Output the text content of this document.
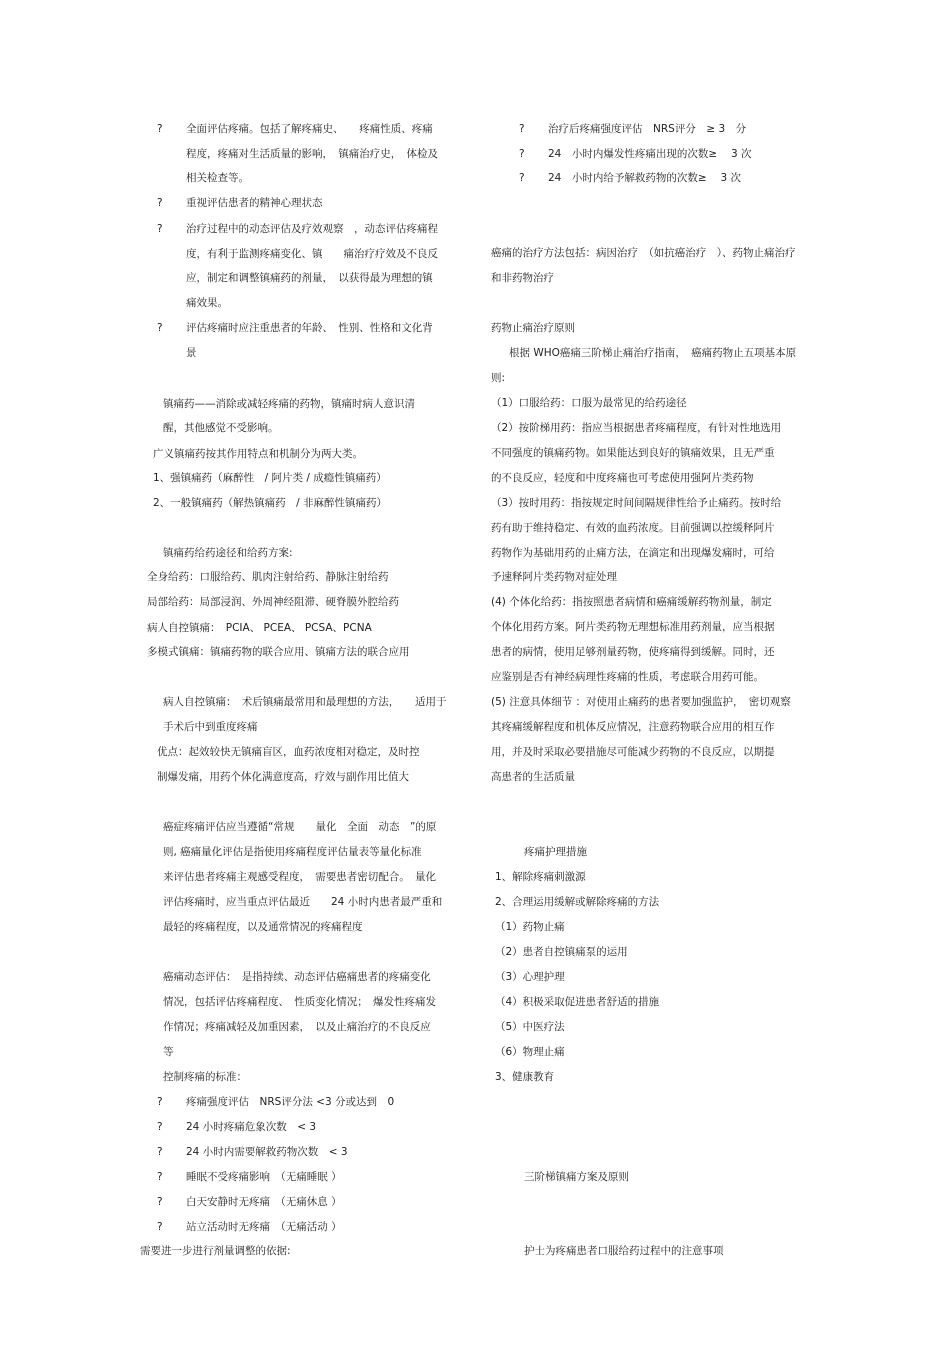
? 全面评估疼痛。包括了解疼痛史、　　疼痛性质、疼痛
程度，疼痛对生活质量的影响，　镇痛治疗史，　体检及
相关检查等。
? 重视评估患者的精神心理状态
? 治疗过程中的动态评估及疗效观察　，动态评估疼痛程
度，有利于监测疼痛变化、镇　　痛治疗疗效及不良反
应，制定和调整镇痛药的剂量，　以获得最为理想的镇
痛效果。
? 评估疼痛时应注重患者的年龄、　性别、性格和文化背
景
镇痛药——消除或减轻疼痛的药物，镇痛时病人意识清
醒，其他感觉不受影响。
广义镇痛药按其作用特点和机制分为两大类。
1、强镇痛药（麻醉性　/ 阿片类 / 成瘾性镇痛药）
2、一般镇痛药（解热镇痛药　/ 非麻醉性镇痛药）
镇痛药给药途径和给药方案:
全身给药：口服给药、肌肉注射给药、静脉注射给药
局部给药：局部浸润、外周神经阻滞、硬脊膜外腔给药
病人自控镇痛：　PCIA、 PCEA、 PCSA、PCNA
多模式镇痛：镇痛药物的联合应用、镇痛方法的联合应用
病人自控镇痛：　术后镇痛最常用和最理想的方法，　　适用于
手术后中到重度疼痛
优点：起效较快无镇痛盲区，血药浓度相对稳定，及时控
制爆发痛，用药个体化满意度高，疗效与副作用比值大
癌症疼痛评估应当遵循“常规　　量化　全面　动态　”的原
则, 癌痛量化评估是指使用疼痛程度评估量表等量化标准
来评估患者疼痛主观感受程度，　需要患者密切配合。　量化
评估疼痛时，应当重点评估最近　　24 小时内患者最严重和
最轻的疼痛程度，以及通常情况的疼痛程度
癌痛动态评估：　是指持续、动态评估癌痛患者的疼痛变化
情况，包括评估疼痛程度、　性质变化情况；　爆发性疼痛发
作情况；疼痛减轻及加重因素，　以及止痛治疗的不良反应
等
控制疼痛的标准：
? 疼痛强度评估　NRS评分法 <3 分或达到　0
? 24 小时疼痛危象次数　< 3
? 24 小时内需要解救药物次数　< 3
? 睡眠不受疼痛影响　（无痛睡眠 ）
? 白天安静时无疼痛　（无痛休息 ）
? 站立活动时无疼痛　（无痛活动 ）
需要进一步进行剂量调整的依据:
? 治疗后疼痛强度评估　NRS评分　≥ 3　分
? 24　小时内爆发性疼痛出现的次数≥　 3 次
? 24　小时内给予解救药物的次数≥　 3 次
癌痛的治疗方法包括：病因治疗　（如抗癌治疗　）、药物止痛治疗
和非药物治疗
药物止痛治疗原则
根据 WHO癌痛三阶梯止痛治疗指南，　癌痛药物止五项基本原
则:
（1）口服给药：口服为最常见的给药途径
（2）按阶梯用药：指应当根据患者疼痛程度，有针对性地选用
不同强度的镇痛药物。如果能达到良好的镇痛效果，且无严重
的不良反应，轻度和中度疼痛也可考虑使用强阿片类药物
（3）按时用药：指按规定时间间隔规律性给予止痛药。按时给
药有助于维持稳定、有效的血药浓度。目前强调以控缓释阿片
药物作为基础用药的止痛方法，在滴定和出现爆发痛时，可给
予速释阿片类药物对症处理
(4) 个体化给药：指按照患者病情和癌痛缓解药物剂量，制定
个体化用药方案。阿片类药物无理想标准用药剂量，应当根据
患者的病情，使用足够剂量药物，使疼痛得到缓解。同时，还
应鉴别是否有神经病理性疼痛的性质，考虑联合用药可能。
(5) 注意具体细节 ：对使用止痛药的患者要加强监护，　密切观察
其疼痛缓解程度和机体反应情况，注意药物联合应用的相互作
用，并及时采取必要措施尽可能减少药物的不良反应，以期提
高患者的生活质量
疼痛护理措施
1、解除疼痛刺激源
2、合理运用缓解或解除疼痛的方法
（1）药物止痛
（2）患者自控镇痛泵的运用
（3）心理护理
（4）积极采取促进患者舒适的措施
（5）中医疗法
（6）物理止痛
3、健康教育
三阶梯镇痛方案及原则
护士为疼痛患者口服给药过程中的注意事项
